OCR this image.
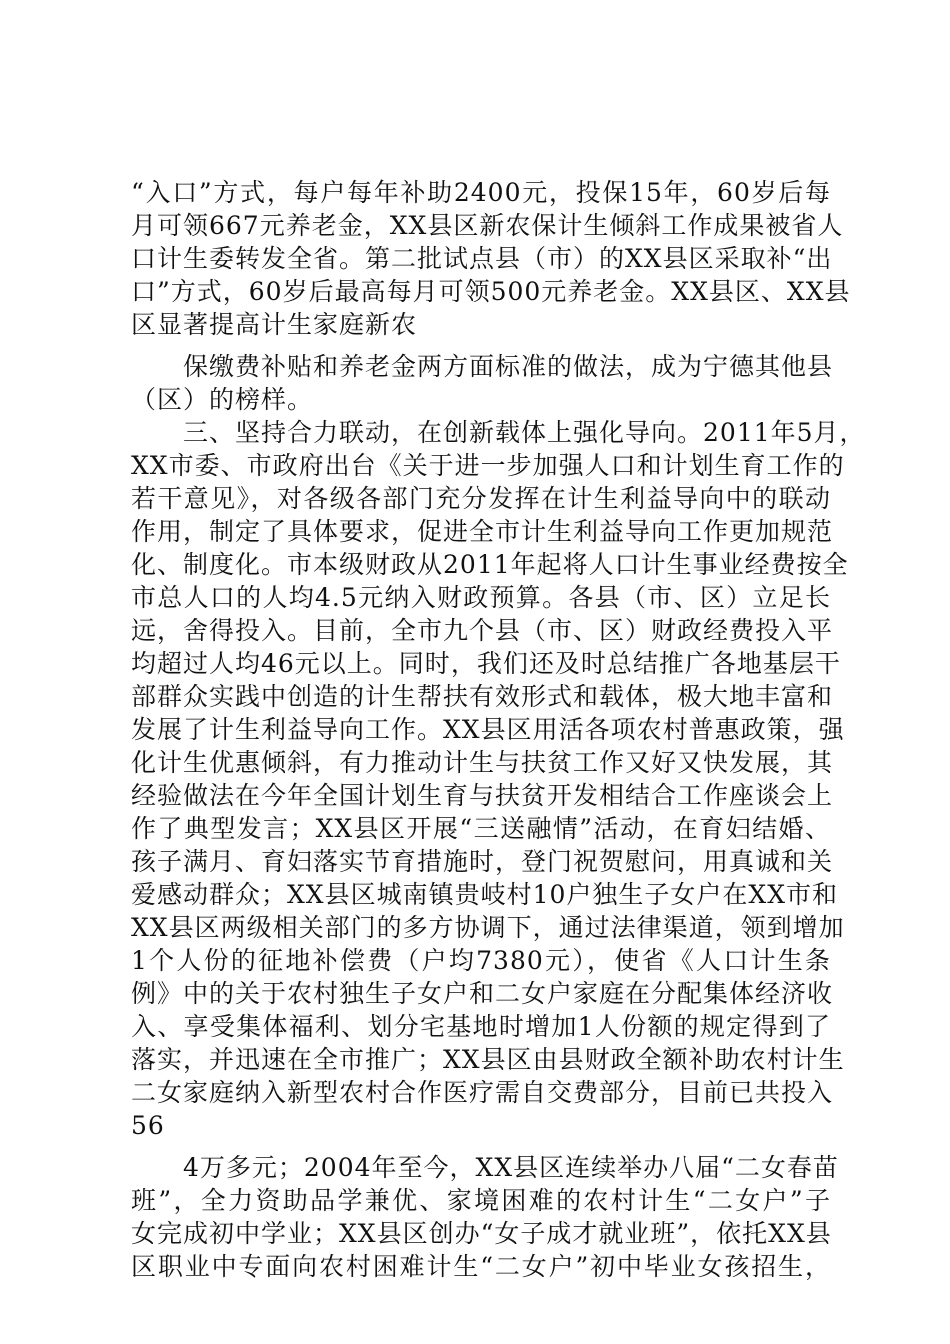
“入口”方式，每户每年补助2400元，投保15年，60岁后每
月可领667元养老金，XX县区新农保计生倾斜工作成果被省人
口计生委转发全省。第二批试点县（市）的XX县区采取补“出
口”方式，60岁后最高每月可领500元养老金。XX县区、XX县
区显著提高计生家庭新农
　　保缴费补贴和养老金两方面标准的做法，成为宁德其他县
（区）的榜样。
　　三、坚持合力联动，在创新载体上强化导向。2011年5月，
XX市委、市政府出台《关于进一步加强人口和计划生育工作的
若干意见》，对各级各部门充分发挥在计生利益导向中的联动
作用，制定了具体要求，促进全市计生利益导向工作更加规范
化、制度化。市本级财政从2011年起将人口计生事业经费按全
市总人口的人均4.5元纳入财政预算。各县（市、区）立足长
远，舍得投入。目前，全市九个县（市、区）财政经费投入平
均超过人均46元以上。同时，我们还及时总结推广各地基层干
部群众实践中创造的计生帮扶有效形式和载体，极大地丰富和
发展了计生利益导向工作。XX县区用活各项农村普惠政策，强
化计生优惠倾斜，有力推动计生与扶贫工作又好又快发展，其
经验做法在今年全国计划生育与扶贫开发相结合工作座谈会上
作了典型发言；XX县区开展“三送融情”活动，在育妇结婚、
孩子满月、育妇落实节育措施时，登门祝贺慰问，用真诚和关
爱感动群众；XX县区城南镇贵岐村10户独生子女户在XX市和
XX县区两级相关部门的多方协调下，通过法律渠道，领到增加
1个人份的征地补偿费（户均7380元），使省《人口计生条
例》中的关于农村独生子女户和二女户家庭在分配集体经济收
入、享受集体福利、划分宅基地时增加1人份额的规定得到了
落实，并迅速在全市推广；XX县区由县财政全额补助农村计生
二女家庭纳入新型农村合作医疗需自交费部分，目前已共投入
56
　　4万多元；2004年至今，XX县区连续举办八届“二女春苗
班”，全力资助品学兼优、家境困难的农村计生“二女户”子
女完成初中学业；XX县区创办“女子成才就业班”，依托XX县
区职业中专面向农村困难计生“二女户”初中毕业女孩招生，
